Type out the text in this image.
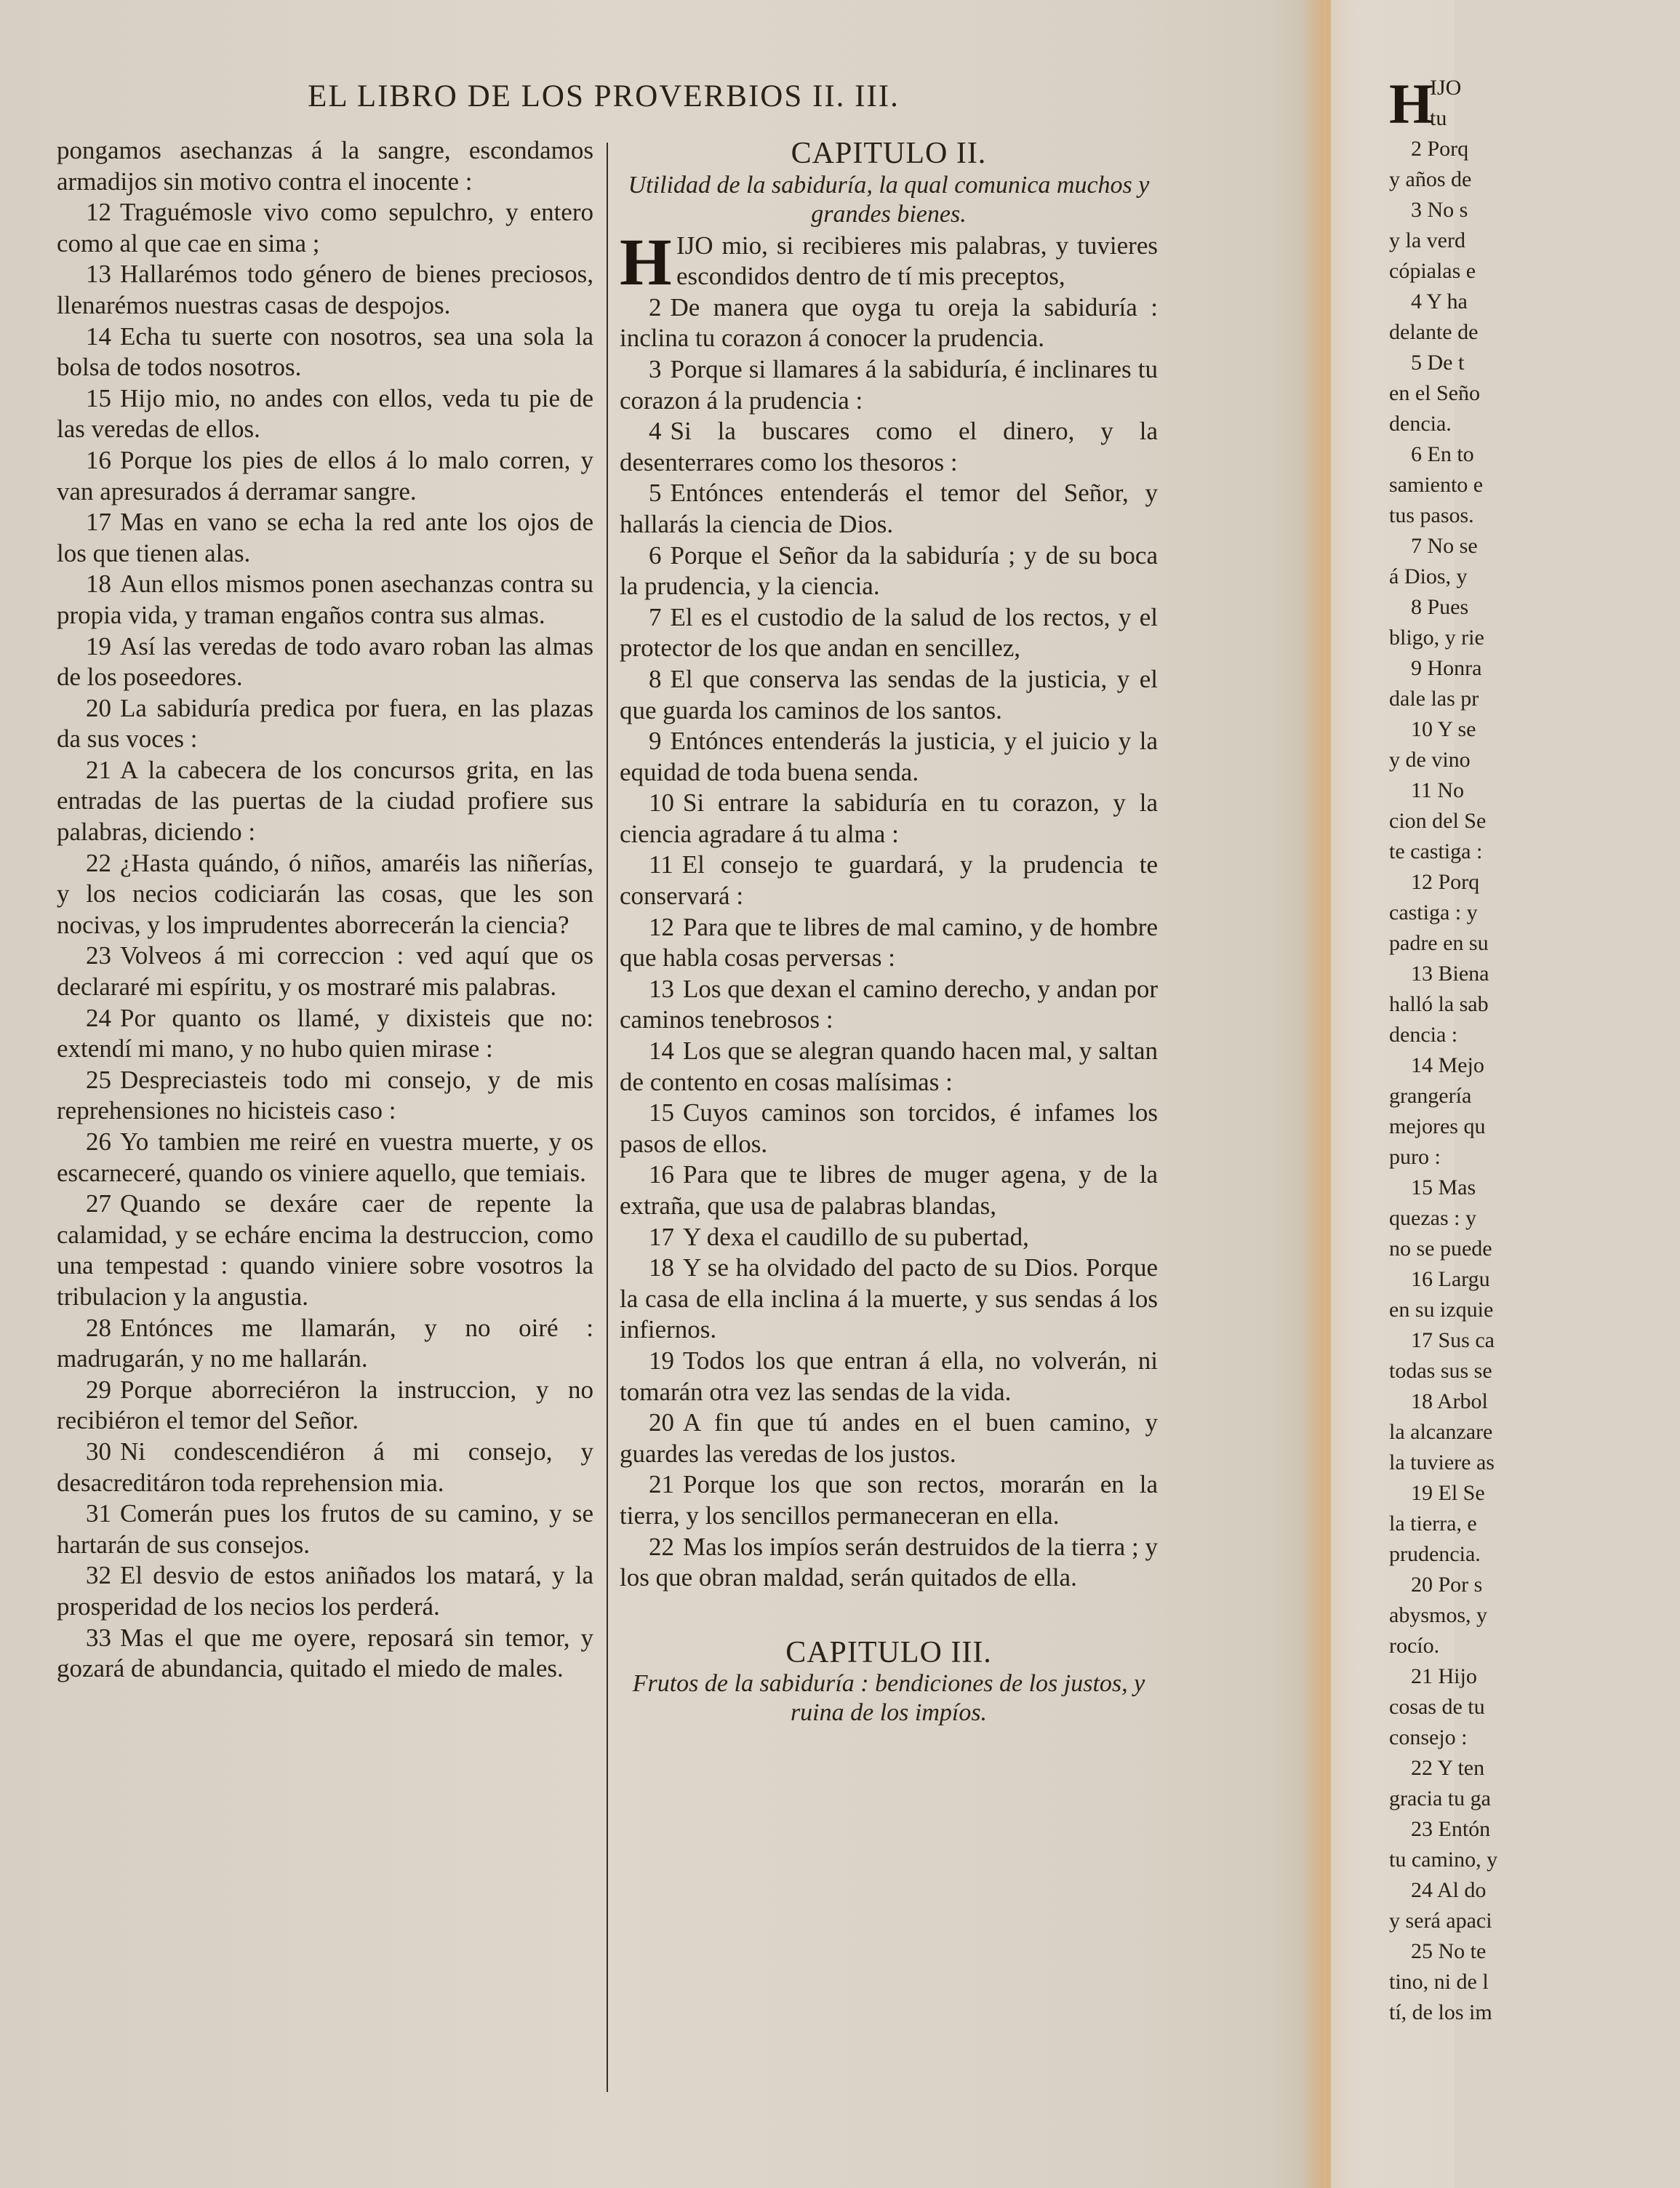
EL LIBRO DE LOS PROVERBIOS II. III.

pongamos asechanzas á la sangre, escondamos armadijos sin motivo contra el inocente :

12 Traguémosle vivo como sepulchro, y entero como al que cae en sima ;

13 Hallarémos todo género de bienes preciosos, llenarémos nuestras casas de despojos.

14 Echa tu suerte con nosotros, sea una sola la bolsa de todos nosotros.

15 Hijo mio, no andes con ellos, veda tu pie de las veredas de ellos.

16 Porque los pies de ellos á lo malo corren, y van apresurados á derramar sangre.

17 Mas en vano se echa la red ante los ojos de los que tienen alas.

18 Aun ellos mismos ponen asechanzas contra su propia vida, y traman engaños contra sus almas.

19 Así las veredas de todo avaro roban las almas de los poseedores.

20 La sabiduría predica por fuera, en las plazas da sus voces :

21 A la cabecera de los concursos grita, en las entradas de las puertas de la ciudad profiere sus palabras, diciendo :

22 ¿Hasta quándo, ó niños, amaréis las niñerías, y los necios codiciarán las cosas, que les son nocivas, y los imprudentes aborrecerán la ciencia?

23 Volveos á mi correccion : ved aquí que os declararé mi espíritu, y os mostraré mis palabras.

24 Por quanto os llamé, y dixisteis que no: extendí mi mano, y no hubo quien mirase :

25 Despreciasteis todo mi consejo, y de mis reprehensiones no hicisteis caso :

26 Yo tambien me reiré en vuestra muerte, y os escarneceré, quando os viniere aquello, que temiais.

27 Quando se dexáre caer de repente la calamidad, y se echáre encima la destruccion, como una tempestad : quando viniere sobre vosotros la tribulacion y la angustia.

28 Entónces me llamarán, y no oiré : madrugarán, y no me hallarán.

29 Porque aborreciéron la instruccion, y no recibiéron el temor del Señor.

30 Ni condescendiéron á mi consejo, y desacreditáron toda reprehension mia.

31 Comerán pues los frutos de su camino, y se hartarán de sus consejos.

32 El desvio de estos aniñados los matará, y la prosperidad de los necios los perderá.

33 Mas el que me oyere, reposará sin temor, y gozará de abundancia, quitado el miedo de males.

CAPITULO II.
Utilidad de la sabiduría, la qual comunica muchos y grandes bienes.
H IJO mio, si recibieres mis palabras, y tuvieres escondidos dentro de tí mis preceptos,

2 De manera que oyga tu oreja la sabiduría : inclina tu corazon á conocer la prudencia.

3 Porque si llamares á la sabiduría, é inclinares tu corazon á la prudencia :

4 Si la buscares como el dinero, y la desenterrares como los thesoros :

5 Entónces entenderás el temor del Señor, y hallarás la ciencia de Dios.

6 Porque el Señor da la sabiduría ; y de su boca la prudencia, y la ciencia.

7 El es el custodio de la salud de los rectos, y el protector de los que andan en sencillez,

8 El que conserva las sendas de la justicia, y el que guarda los caminos de los santos.

9 Entónces entenderás la justicia, y el juicio y la equidad de toda buena senda.

10 Si entrare la sabiduría en tu corazon, y la ciencia agradare á tu alma :

11 El consejo te guardará, y la prudencia te conservará :

12 Para que te libres de mal camino, y de hombre que habla cosas perversas :

13 Los que dexan el camino derecho, y andan por caminos tenebrosos :

14 Los que se alegran quando hacen mal, y saltan de contento en cosas malísimas :

15 Cuyos caminos son torcidos, é infames los pasos de ellos.

16 Para que te libres de muger agena, y de la extraña, que usa de palabras blandas,

17 Y dexa el caudillo de su pubertad,

18 Y se ha olvidado del pacto de su Dios. Porque la casa de ella inclina á la muerte, y sus sendas á los infiernos.

19 Todos los que entran á ella, no volverán, ni tomarán otra vez las sendas de la vida.

20 A fin que tú andes en el buen camino, y guardes las veredas de los justos.

21 Porque los que son rectos, morarán en la tierra, y los sencillos permaneceran en ella.

22 Mas los impíos serán destruidos de la tierra ; y los que obran maldad, serán quitados de ella.

CAPITULO III.
Frutos de la sabiduría : bendiciones de los justos, y ruina de los impíos.
H
IJO
tu
2 Porq
y años de
3 No s
y la verd
cópialas e
4 Y ha
delante de
5 De t
en el Seño
dencia.
6 En to
samiento e
tus pasos.
7 No se
á Dios, y
8 Pues
bligo, y rie
9 Honra
dale las pr
10 Y se
y de vino
11 No
cion del Se
te castiga :
12 Porq
castiga : y
padre en su
13 Biena
halló la sab
dencia :
14 Mejo
grangería
mejores qu
puro :
15 Mas
quezas : y
no se puede
16 Largu
en su izquie
17 Sus ca
todas sus se
18 Arbol
la alcanzare
la tuviere as
19 El Se
la tierra, e
prudencia.
20 Por s
abysmos, y
rocío.
21 Hijo
cosas de tu
consejo :
22 Y ten
gracia tu ga
23 Entón
tu camino, y
24 Al do
y será apaci
25 No te
tino, ni de l
tí, de los im
